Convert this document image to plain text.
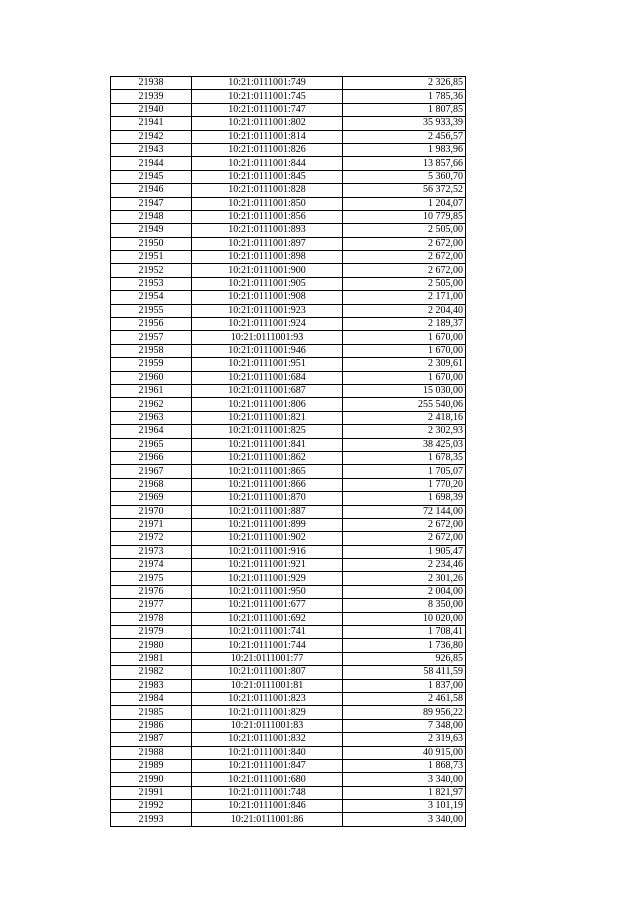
21938	10:21:0111001:749	2 326,85
21939	10:21:0111001:745	1 785,36
21940	10:21:0111001:747	1 807,85
21941	10:21:0111001:802	35 933,39
21942	10:21:0111001:814	2 456,57
21943	10:21:0111001:826	1 983,96
21944	10:21:0111001:844	13 857,66
21945	10:21:0111001:845	5 360,70
21946	10:21:0111001:828	56 372,52
21947	10:21:0111001:850	1 204,07
21948	10:21:0111001:856	10 779,85
21949	10:21:0111001:893	2 505,00
21950	10:21:0111001:897	2 672,00
21951	10:21:0111001:898	2 672,00
21952	10:21:0111001:900	2 672,00
21953	10:21:0111001:905	2 505,00
21954	10:21:0111001:908	2 171,00
21955	10:21:0111001:923	2 204,40
21956	10:21:0111001:924	2 189,37
21957	10:21:0111001:93	1 670,00
21958	10:21:0111001:946	1 670,00
21959	10:21:0111001:951	2 309,61
21960	10:21:0111001:684	1 670,00
21961	10:21:0111001:687	15 030,00
21962	10:21:0111001:806	255 540,06
21963	10:21:0111001:821	2 418,16
21964	10:21:0111001:825	2 302,93
21965	10:21:0111001:841	38 425,03
21966	10:21:0111001:862	1 678,35
21967	10:21:0111001:865	1 705,07
21968	10:21:0111001:866	1 770,20
21969	10:21:0111001:870	1 698,39
21970	10:21:0111001:887	72 144,00
21971	10:21:0111001:899	2 672,00
21972	10:21:0111001:902	2 672,00
21973	10:21:0111001:916	1 905,47
21974	10:21:0111001:921	2 234,46
21975	10:21:0111001:929	2 301,26
21976	10:21:0111001:950	2 004,00
21977	10:21:0111001:677	8 350,00
21978	10:21:0111001:692	10 020,00
21979	10:21:0111001:741	1 708,41
21980	10:21:0111001:744	1 736,80
21981	10:21:0111001:77	926,85
21982	10:21:0111001:807	58 411,59
21983	10:21:0111001:81	1 837,00
21984	10:21:0111001:823	2 461,58
21985	10:21:0111001:829	89 956,22
21986	10:21:0111001:83	7 348,00
21987	10:21:0111001:832	2 319,63
21988	10:21:0111001:840	40 915,00
21989	10:21:0111001:847	1 868,73
21990	10:21:0111001:680	3 340,00
21991	10:21:0111001:748	1 821,97
21992	10:21:0111001:846	3 101,19
21993	10:21:0111001:86	3 340,00
